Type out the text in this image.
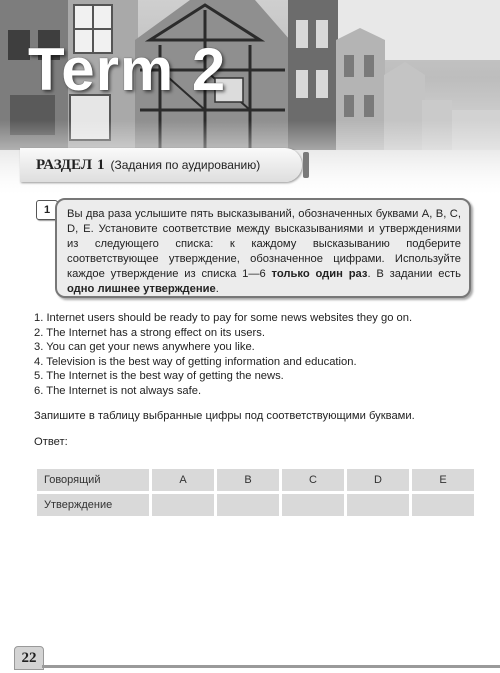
Term 2
РАЗДЕЛ 1 (Задания по аудированию)
1	Вы два раза услышите пять высказываний, обозначенных буквами A, B, C, D, E. Установите соответствие между высказываниями и утверждениями из следующего списка: к каждому высказыванию подберите соответствующее утверждение, обозначенное цифрами. Используйте каждое утверждение из списка 1—6 только один раз. В задании есть одно лишнее утверждение.
1. Internet users should be ready to pay for some news websites they go on.
2. The Internet has a strong effect on its users.
3. You can get your news anywhere you like.
4. Television is the best way of getting information and education.
5. The Internet is the best way of getting the news.
6. The Internet is not always safe.

Запишите в таблицу выбранные цифры под соответствующими буквами.

Ответ:

Говорящий	A	B	C	D	E
Утверждение					
22
